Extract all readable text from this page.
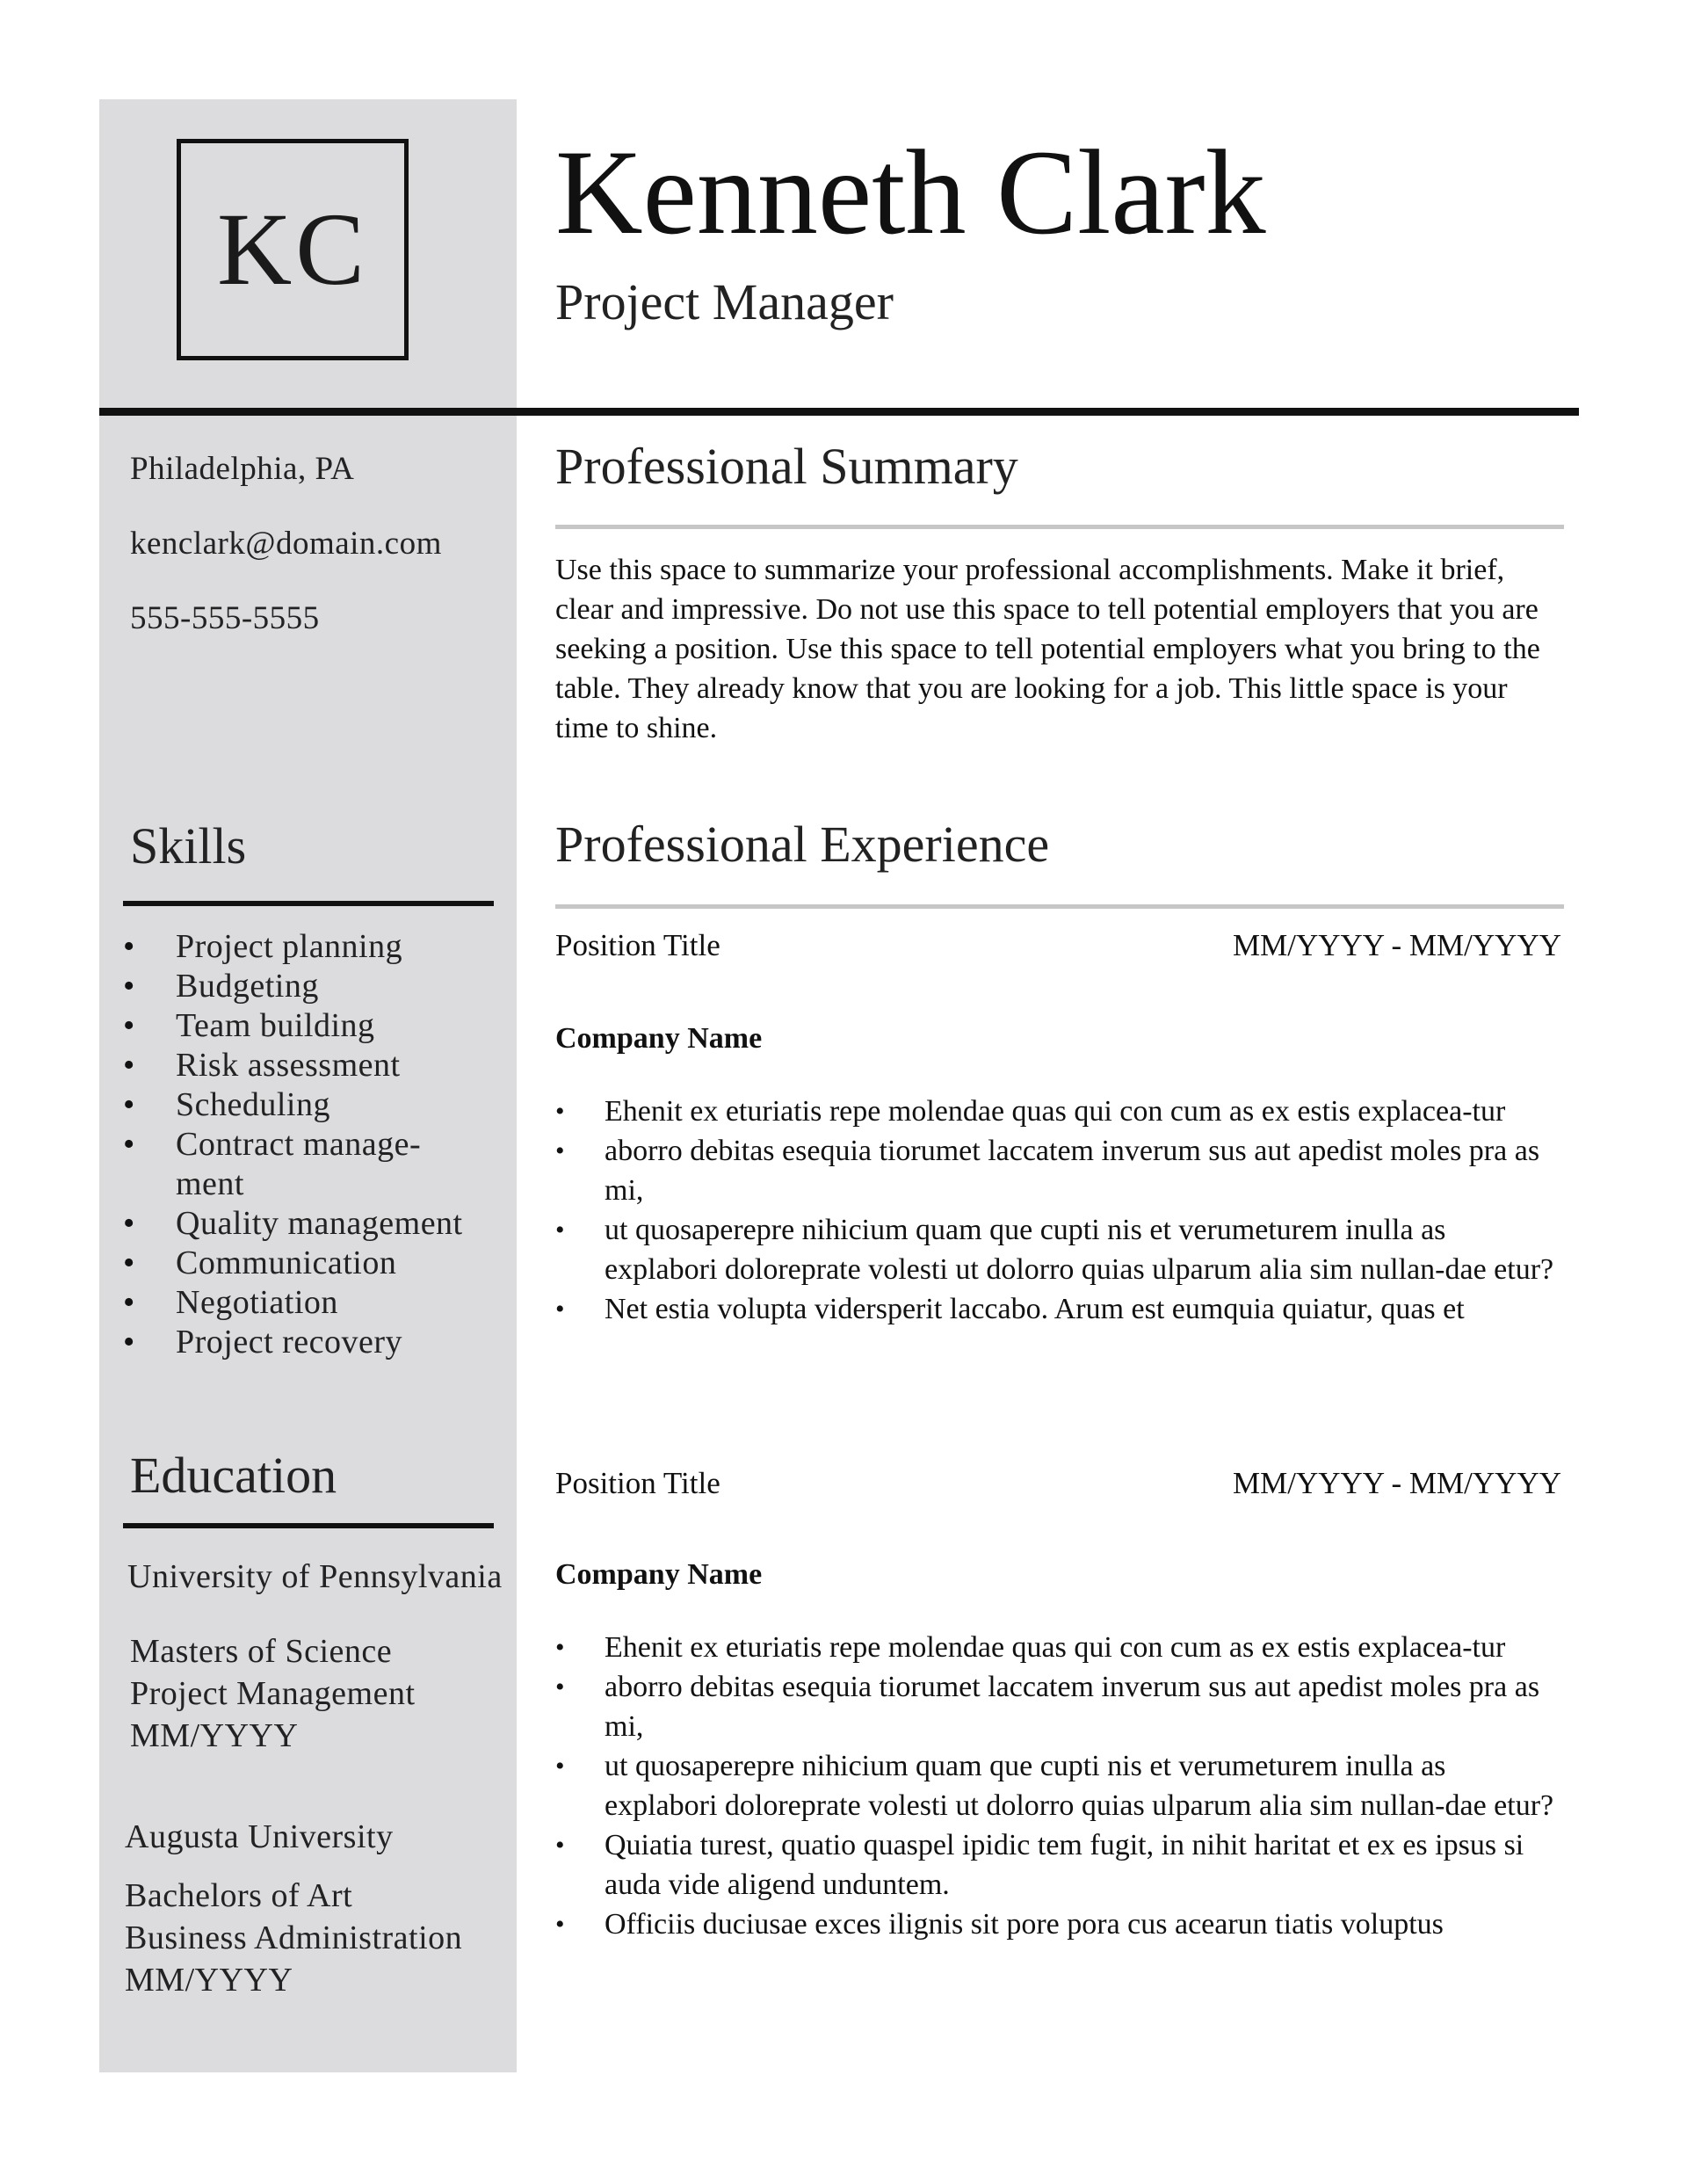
KC Kenneth Clark
Project Manager
Philadelphia, PA
kenclark@domain.com
555-555-5555
Skills
• Project planning
• Budgeting
• Team building
• Risk assessment
• Scheduling
• Contract manage-
ment
• Quality management
• Communication
• Negotiation
• Project recovery
Education
University of Pennsylvania
Masters of Science
Project Management
MM/YYYY
Augusta University
Bachelors of Art
Business Administration
MM/YYYY
Professional Summary

Use this space to summarize your professional accomplishments. Make it brief, clear and impressive. Do not use this space to tell potential employers that you are seeking a position. Use this space to tell potential employers what you bring to the table. They already know that you are looking for a job. This little space is your time to shine.

Professional Experience
Position Title	MM/YYYY - MM/YYYY
Company Name
• Ehenit ex eturiatis repe molendae quas qui con cum as ex estis explacea-tur
• aborro debitas esequia tiorumet laccatem inverum sus aut apedist moles pra as mi,
• ut quosaperepre nihicium quam que cupti nis et verumeturem inulla as explabori doloreprate volesti ut dolorro quias ulparum alia sim nullan-dae etur?
• Net estia volupta vidersperit laccabo. Arum est eumquia quiatur, quas et
Position Title	MM/YYYY - MM/YYYY
Company Name
• Ehenit ex eturiatis repe molendae quas qui con cum as ex estis explacea-tur
• aborro debitas esequia tiorumet laccatem inverum sus aut apedist moles pra as mi,
• ut quosaperepre nihicium quam que cupti nis et verumeturem inulla as explabori doloreprate volesti ut dolorro quias ulparum alia sim nullan-dae etur?
• Quiatia turest, quatio quaspel ipidic tem fugit, in nihit haritat et ex es ipsus si auda vide aligend unduntem.
• Officiis duciusae exces ilignis sit pore pora cus acearun tiatis voluptus
